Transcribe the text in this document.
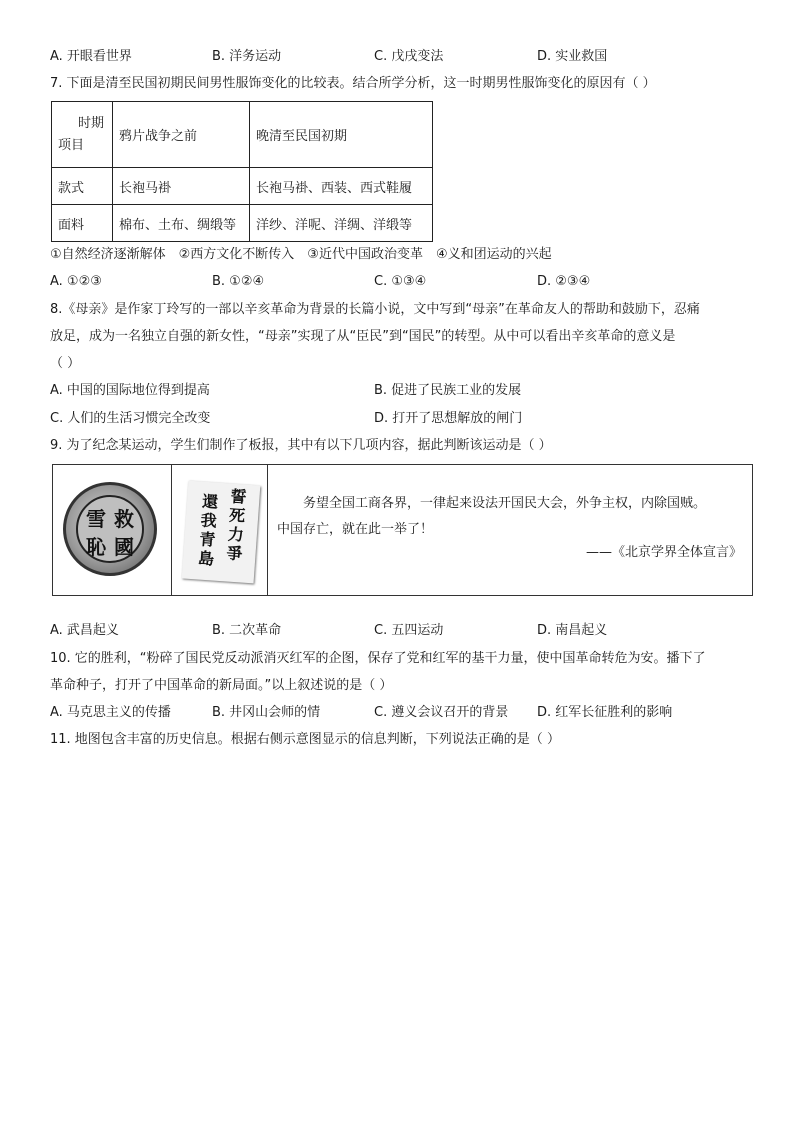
A. 开眼看世界	B. 洋务运动	C. 戊戌变法	D. 实业救国
7. 下面是清至民国初期民间男性服饰变化的比较表。结合所学分析，这一时期男性服饰变化的原因有（ ）
时期
项目	鸦片战争之前	晚清至民国初期
款式	长袍马褂	长袍马褂、西装、西式鞋履
面料	棉布、土布、绸缎等	洋纱、洋呢、洋绸、洋缎等
①自然经济逐渐解体　②西方文化不断传入　③近代中国政治变革　④义和团运动的兴起
A. ①②③	B. ①②④	C. ①③④	D. ②③④
8.《母亲》是作家丁玲写的一部以辛亥革命为背景的长篇小说，文中写到“母亲”在革命友人的帮助和鼓励下，忍痛
放足，成为一名独立自强的新女性，“母亲”实现了从“臣民”到“国民”的转型。从中可以看出辛亥革命的意义是
（ ）
A. 中国的国际地位得到提高	B. 促进了民族工业的发展
C. 人们的生活习惯完全改变	D. 打开了思想解放的闸门
9. 为了纪念某运动，学生们制作了板报，其中有以下几项内容，据此判断该运动是（ ）
救
國
雪
恥
誓死力爭
還我青島

务望全国工商各界，一律起来设法开国民大会，外争主权，内除国贼。

中国存亡，就在此一举了！

——《北京学界全体宣言》
A. 武昌起义	B. 二次革命	C. 五四运动	D. 南昌起义
10. 它的胜利，“粉碎了国民党反动派消灭红军的企图，保存了党和红军的基干力量，使中国革命转危为安。播下了
革命种子，打开了中国革命的新局面。”以上叙述说的是（ ）
A. 马克思主义的传播	B. 井冈山会师的情	C. 遵义会议召开的背景 D. 红军长征胜利的影响
11. 地图包含丰富的历史信息。根据右侧示意图显示的信息判断，下列说法正确的是（ ）
